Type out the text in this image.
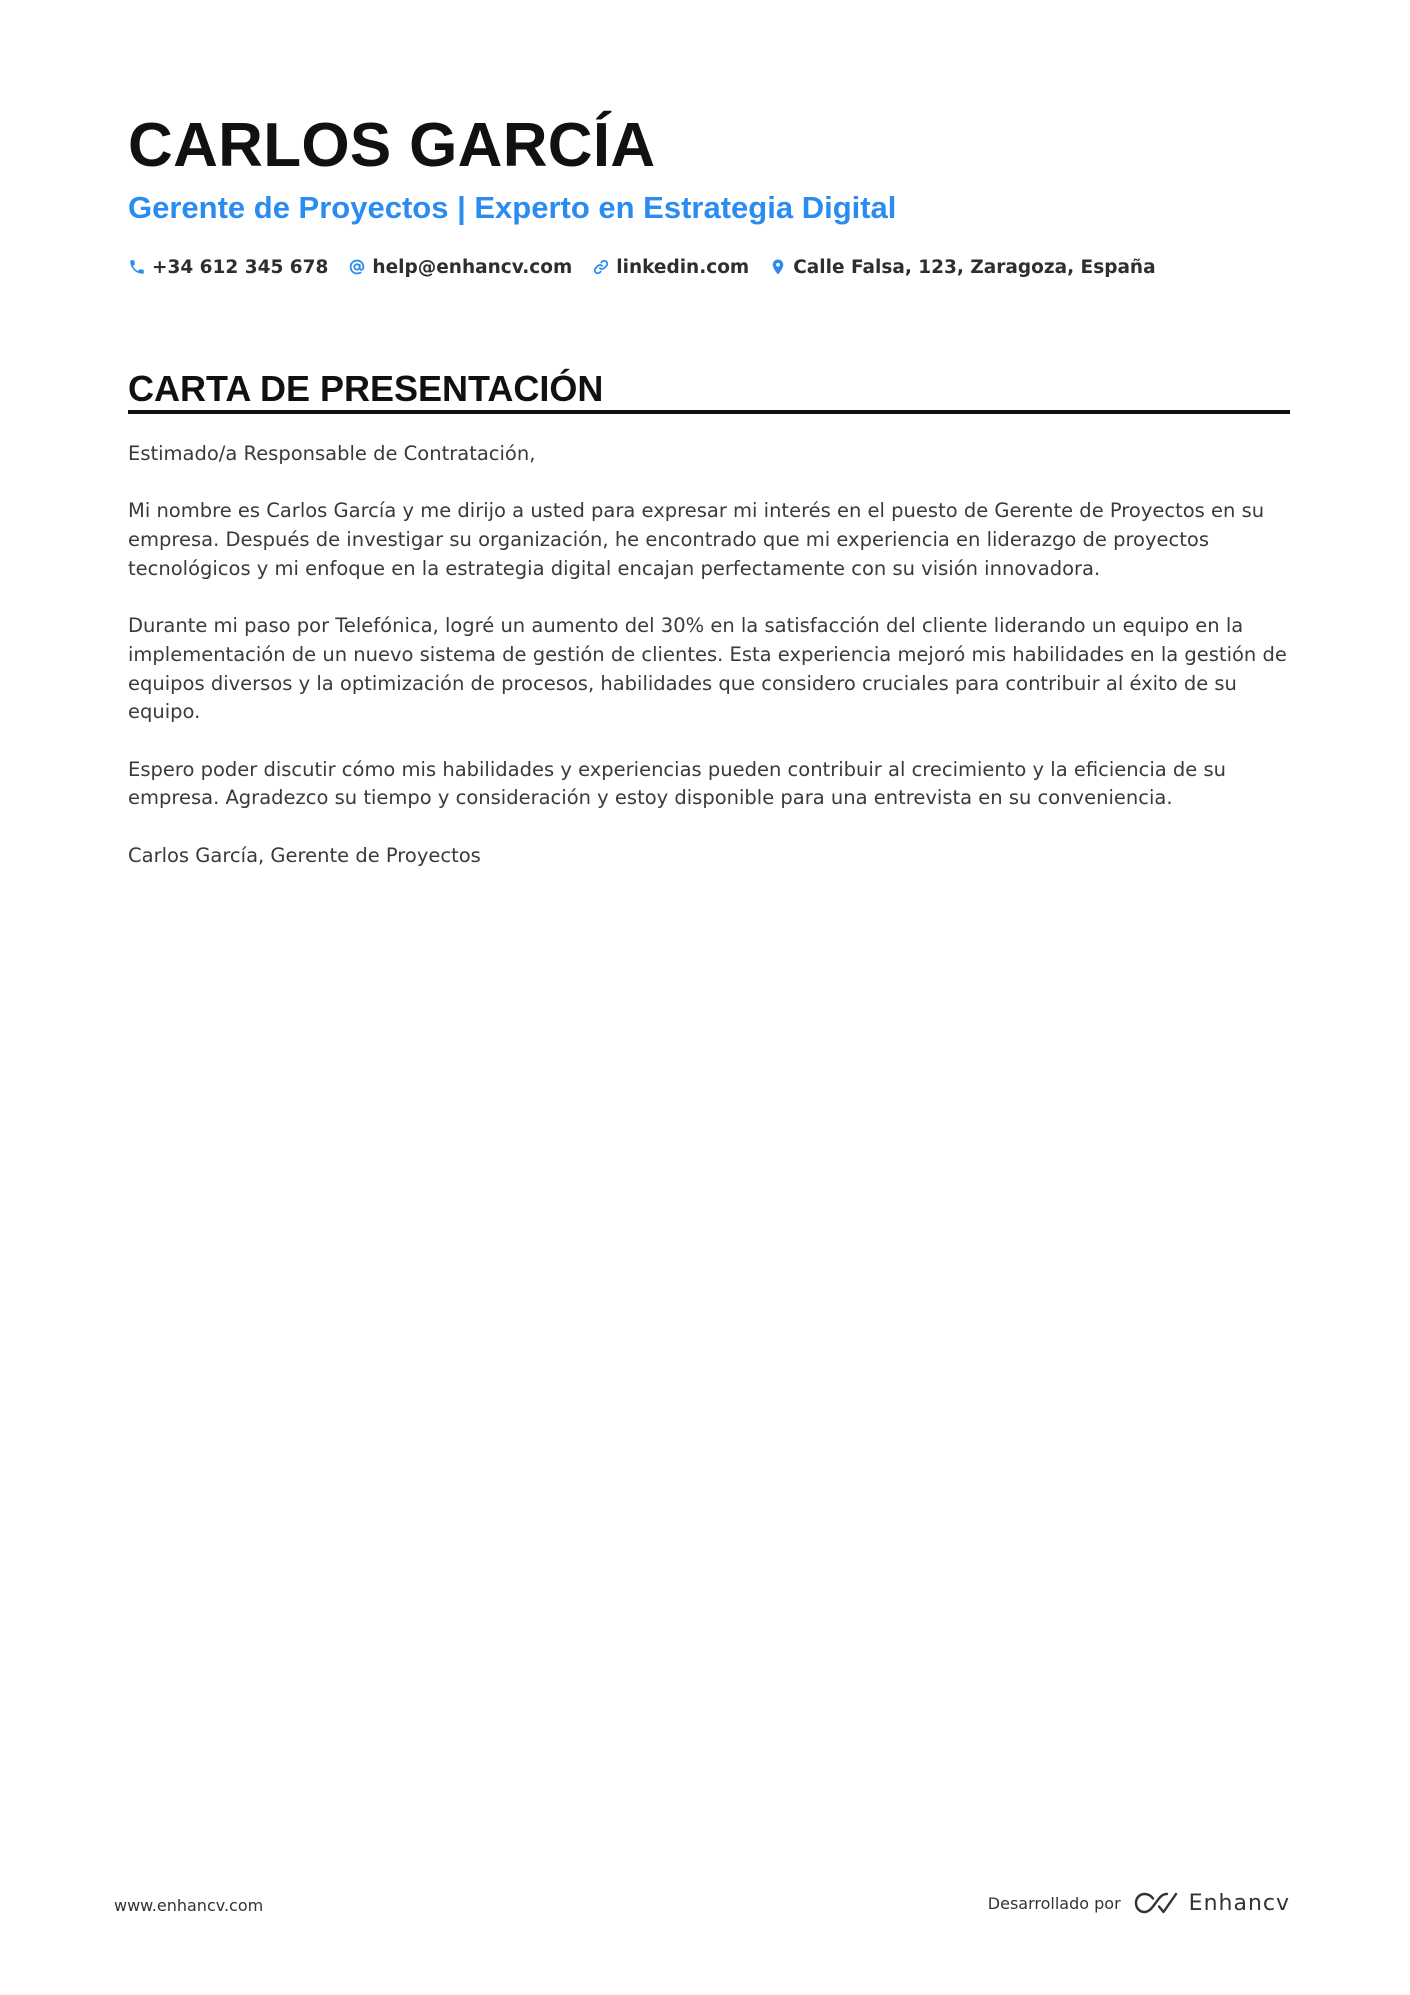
CARLOS GARCÍA
Gerente de Proyectos | Experto en Estrategia Digital
+34 612 345 678 help@enhancv.com linkedin.com Calle Falsa, 123, Zaragoza, España
CARTA DE PRESENTACIÓN

Estimado/a Responsable de Contratación,

Mi nombre es Carlos García y me dirijo a usted para expresar mi interés en el puesto de Gerente de Proyectos en su empresa. Después de investigar su organización, he encontrado que mi experiencia en liderazgo de proyectos tecnológicos y mi enfoque en la estrategia digital encajan perfectamente con su visión innovadora.

Durante mi paso por Telefónica, logré un aumento del 30% en la satisfacción del cliente liderando un equipo en la implementación de un nuevo sistema de gestión de clientes. Esta experiencia mejoró mis habilidades en la gestión de equipos diversos y la optimización de procesos, habilidades que considero cruciales para contribuir al éxito de su equipo.

Espero poder discutir cómo mis habilidades y experiencias pueden contribuir al crecimiento y la eficiencia de su empresa. Agradezco su tiempo y consideración y estoy disponible para una entrevista en su conveniencia.

Carlos García, Gerente de Proyectos

www.enhancv.com	Desarrollado por	Enhancv
